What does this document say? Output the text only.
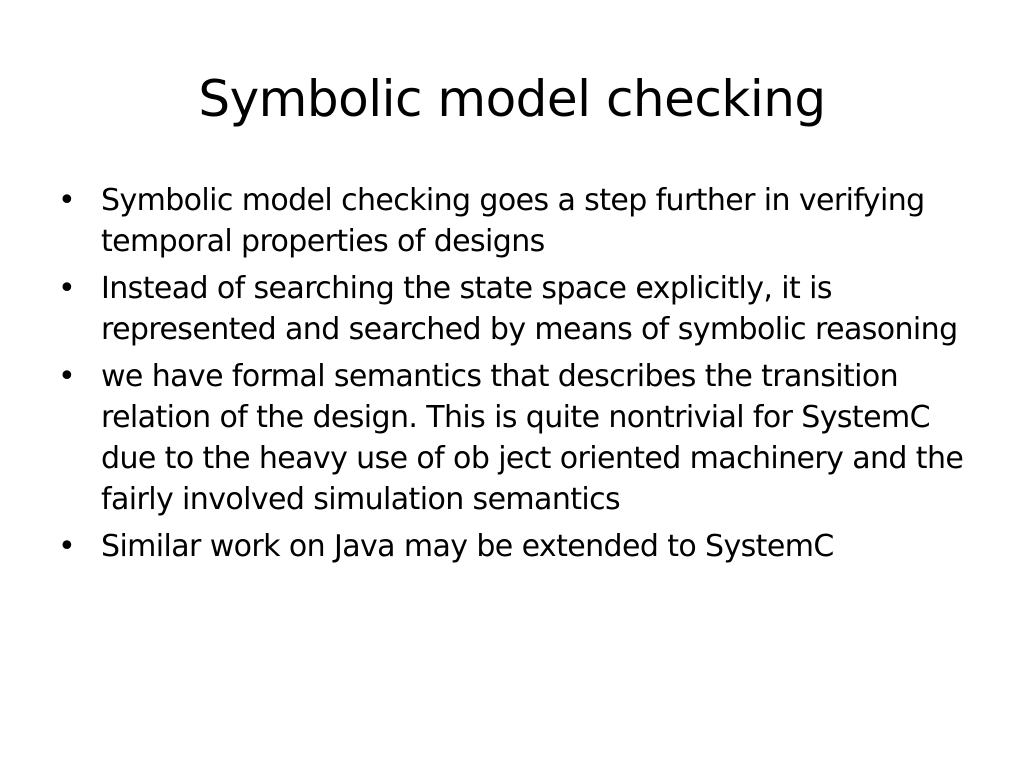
Symbolic model checking
• Symbolic model checking goes a step further in verifying temporal properties of designs
• Instead of searching the state space explicitly, it is represented and searched by means of symbolic reasoning
• we have formal semantics that describes the transition relation of the design. This is quite nontrivial for SystemC due to the heavy use of ob ject oriented machinery and the fairly involved simulation semantics
• Similar work on Java may be extended to SystemC
